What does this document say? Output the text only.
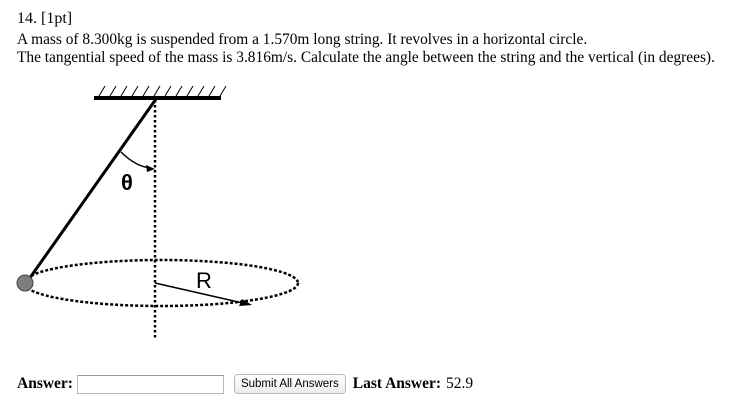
14. [1pt]
A mass of 8.300kg is suspended from a 1.570m long string. It revolves in a horizontal circle.
The tangential speed of the mass is 3.816m/s. Calculate the angle between the string and the vertical (in degrees).
θ
R
Answer:	Submit All Answers Last Answer: 52.9
